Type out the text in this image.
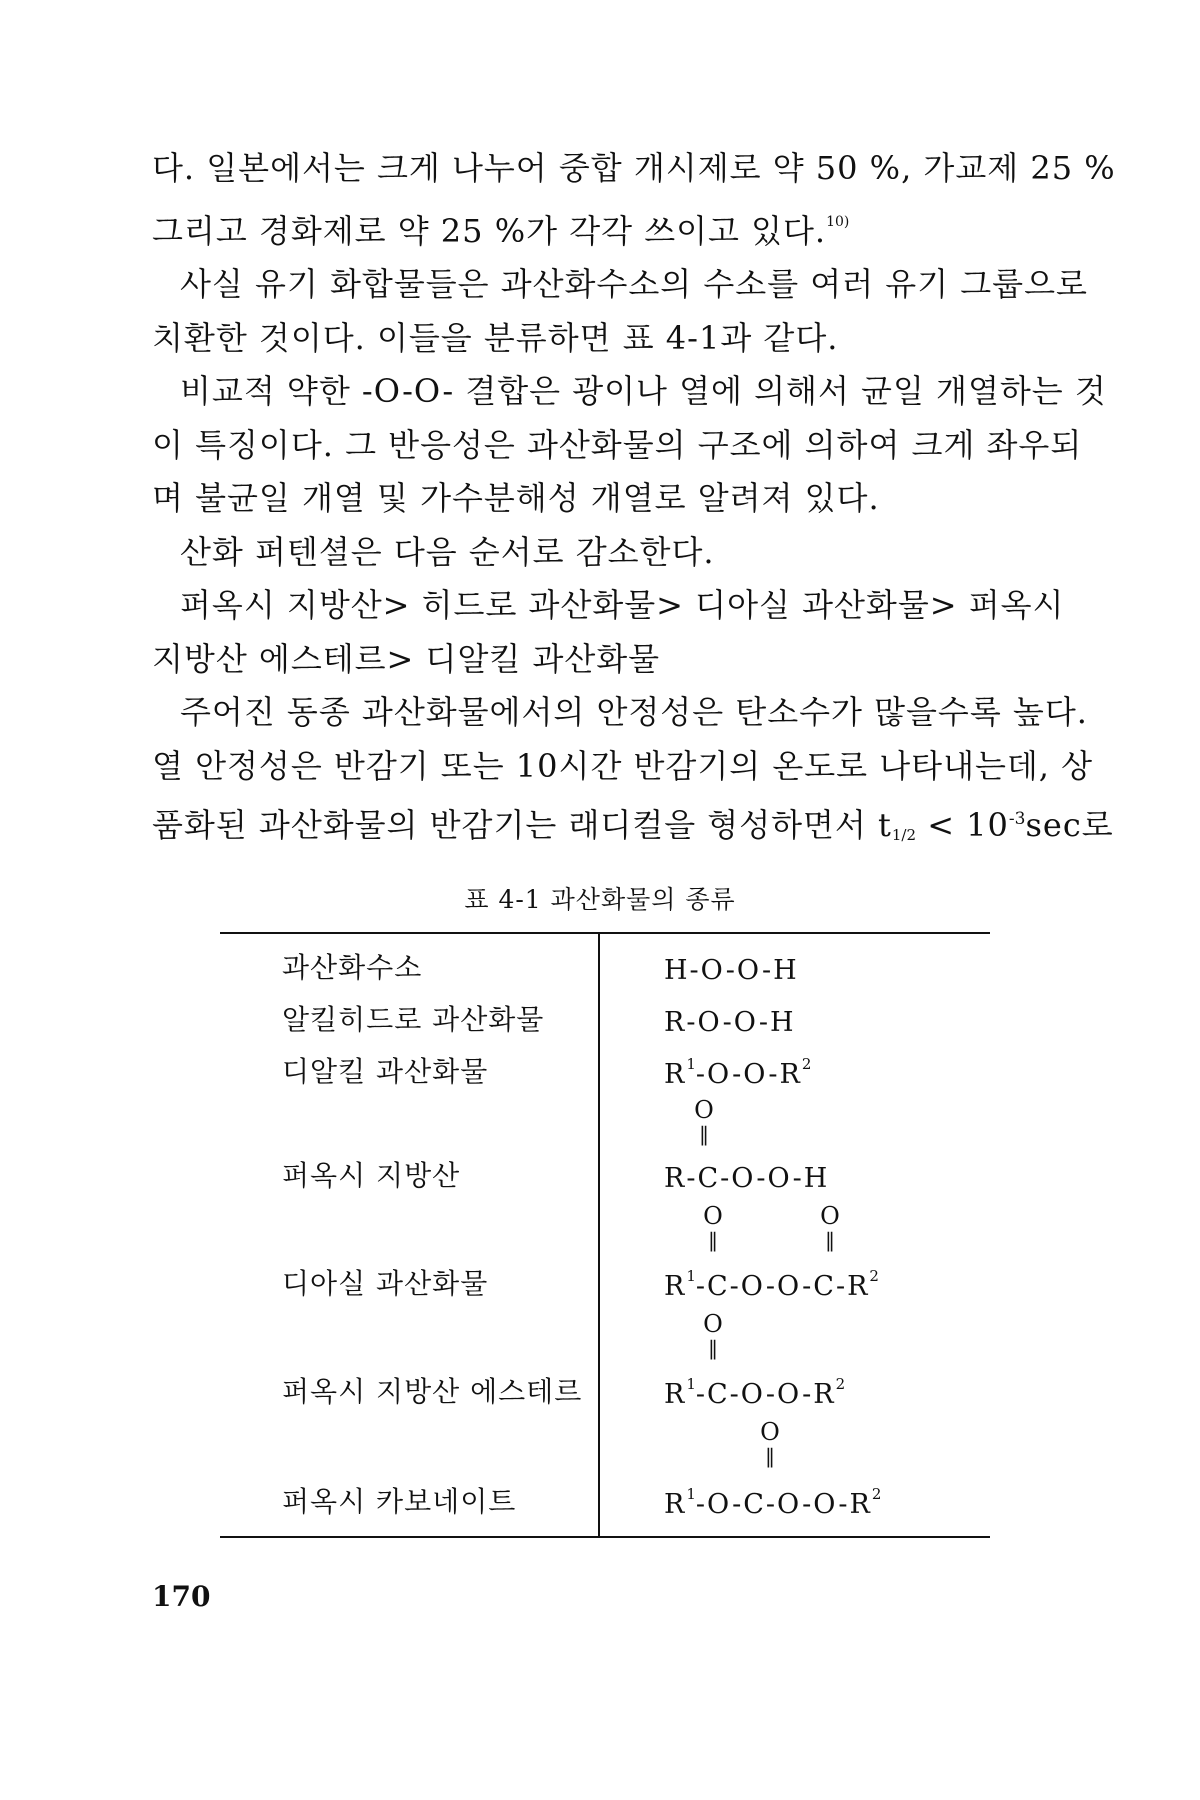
다. 일본에서는 크게 나누어 중합 개시제로 약 50 %, 가교제 25 %
그리고 경화제로 약 25 %가 각각 쓰이고 있다.$^{10)}$
사실 유기 화합물들은 과산화수소의 수소를 여러 유기 그룹으로
치환한 것이다. 이들을 분류하면 표 4-1과 같다.
비교적 약한 -O-O- 결합은 광이나 열에 의해서 균일 개열하는 것
이 특징이다. 그 반응성은 과산화물의 구조에 의하여 크게 좌우되
며 불균일 개열 및 가수분해성 개열로 알려져 있다.
산화 퍼텐셜은 다음 순서로 감소한다.
퍼옥시 지방산> 히드로 과산화물> 디아실 과산화물> 퍼옥시
지방산 에스테르> 디알킬 과산화물
주어진 동종 과산화물에서의 안정성은 탄소수가 많을수록 높다.
열 안정성은 반감기 또는 10시간 반감기의 온도로 나타내는데, 상
품화된 과산화물의 반감기는 래디컬을 형성하면서 $t_{1/2} < 10^{-3}\sec$로
표 4-1 과산화물의 종류
과산화수소	H-O-O-H
알킬히드로 과산화물	R-O-O-H
디알킬 과산화물	$R^1-O-O-R^2$
O
‖
퍼옥시 지방산	R-C-O-O-H
O
‖
O
‖
디아실 과산화물	$R^1-C-O-O-C-R^2$
O
‖
퍼옥시 지방산 에스테르	$R^1-C-O-O-R^2$
O
‖
퍼옥시 카보네이트	$R^1-O-C-O-O-R^2$
170
